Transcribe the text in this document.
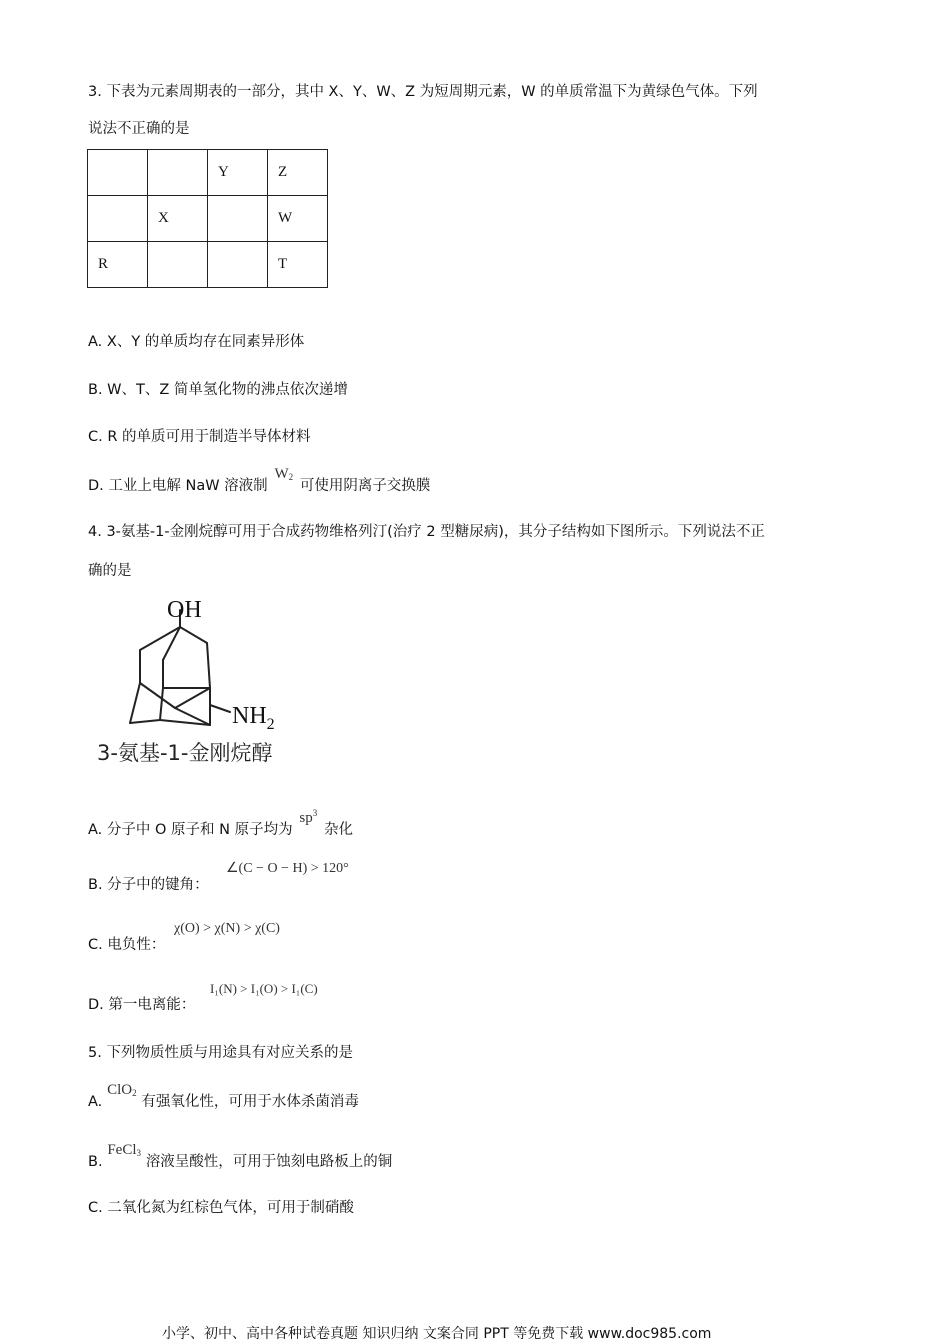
3. 下表为元素周期表的一部分，其中 X、Y、W、Z 为短周期元素，W 的单质常温下为黄绿色气体。下列
说法不正确的是
		Y	Z
	X		W
R			T
A. X、Y 的单质均存在同素异形体
B. W、T、Z 简单氢化物的沸点依次递增
C. R 的单质可用于制造半导体材料
D. 工业上电解 NaW 溶液制 $W_2$ 可使用阴离子交换膜
4. 3-氨基-1-金刚烷醇可用于合成药物维格列汀(治疗 2 型糖尿病)，其分子结构如下图所示。下列说法不正
确的是
OH
$NH_2$
3-氨基-1-金刚烷醇
A. 分子中 O 原子和 N 原子均为 $sp^3$ 杂化
B. 分子中的键角：
∠(C − O − H) > 120°
C. 电负性：
χ(O) > χ(N) > χ(C)
D. 第一电离能：
I₁(N) > I₁(O) > I₁(C)
5. 下列物质性质与用途具有对应关系的是
A. ClO$_2$ 有强氧化性，可用于水体杀菌消毒
B. FeCl$_3$ 溶液呈酸性，可用于蚀刻电路板上的铜
C. 二氧化氮为红棕色气体，可用于制硝酸
小学、初中、高中各种试卷真题 知识归纳 文案合同 PPT 等免费下载 www.doc985.com
